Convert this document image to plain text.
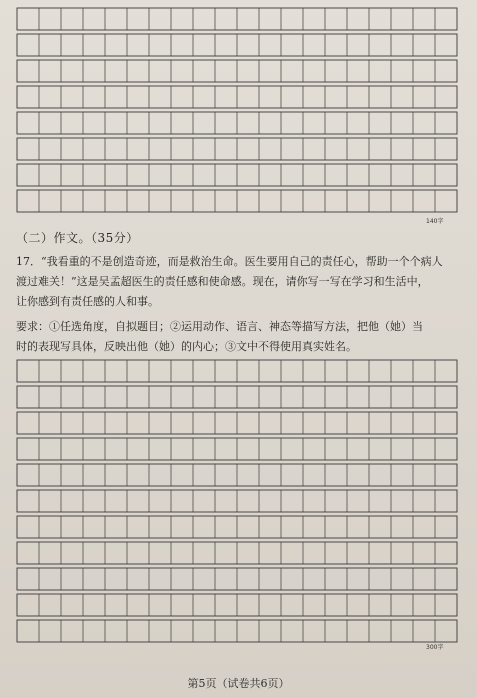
140字
（二）作文。（35分）
17．“我看重的不是创造奇迹，而是救治生命。医生要用自己的责任心，帮助一个个病人
渡过难关！”这是吴孟超医生的责任感和使命感。现在，请你写一写在学习和生活中，
让你感到有责任感的人和事。
要求：①任选角度，自拟题目；②运用动作、语言、神态等描写方法，把他（她）当
时的表现写具体，反映出他（她）的内心；③文中不得使用真实姓名。
300字
第5页（试卷共6页）
